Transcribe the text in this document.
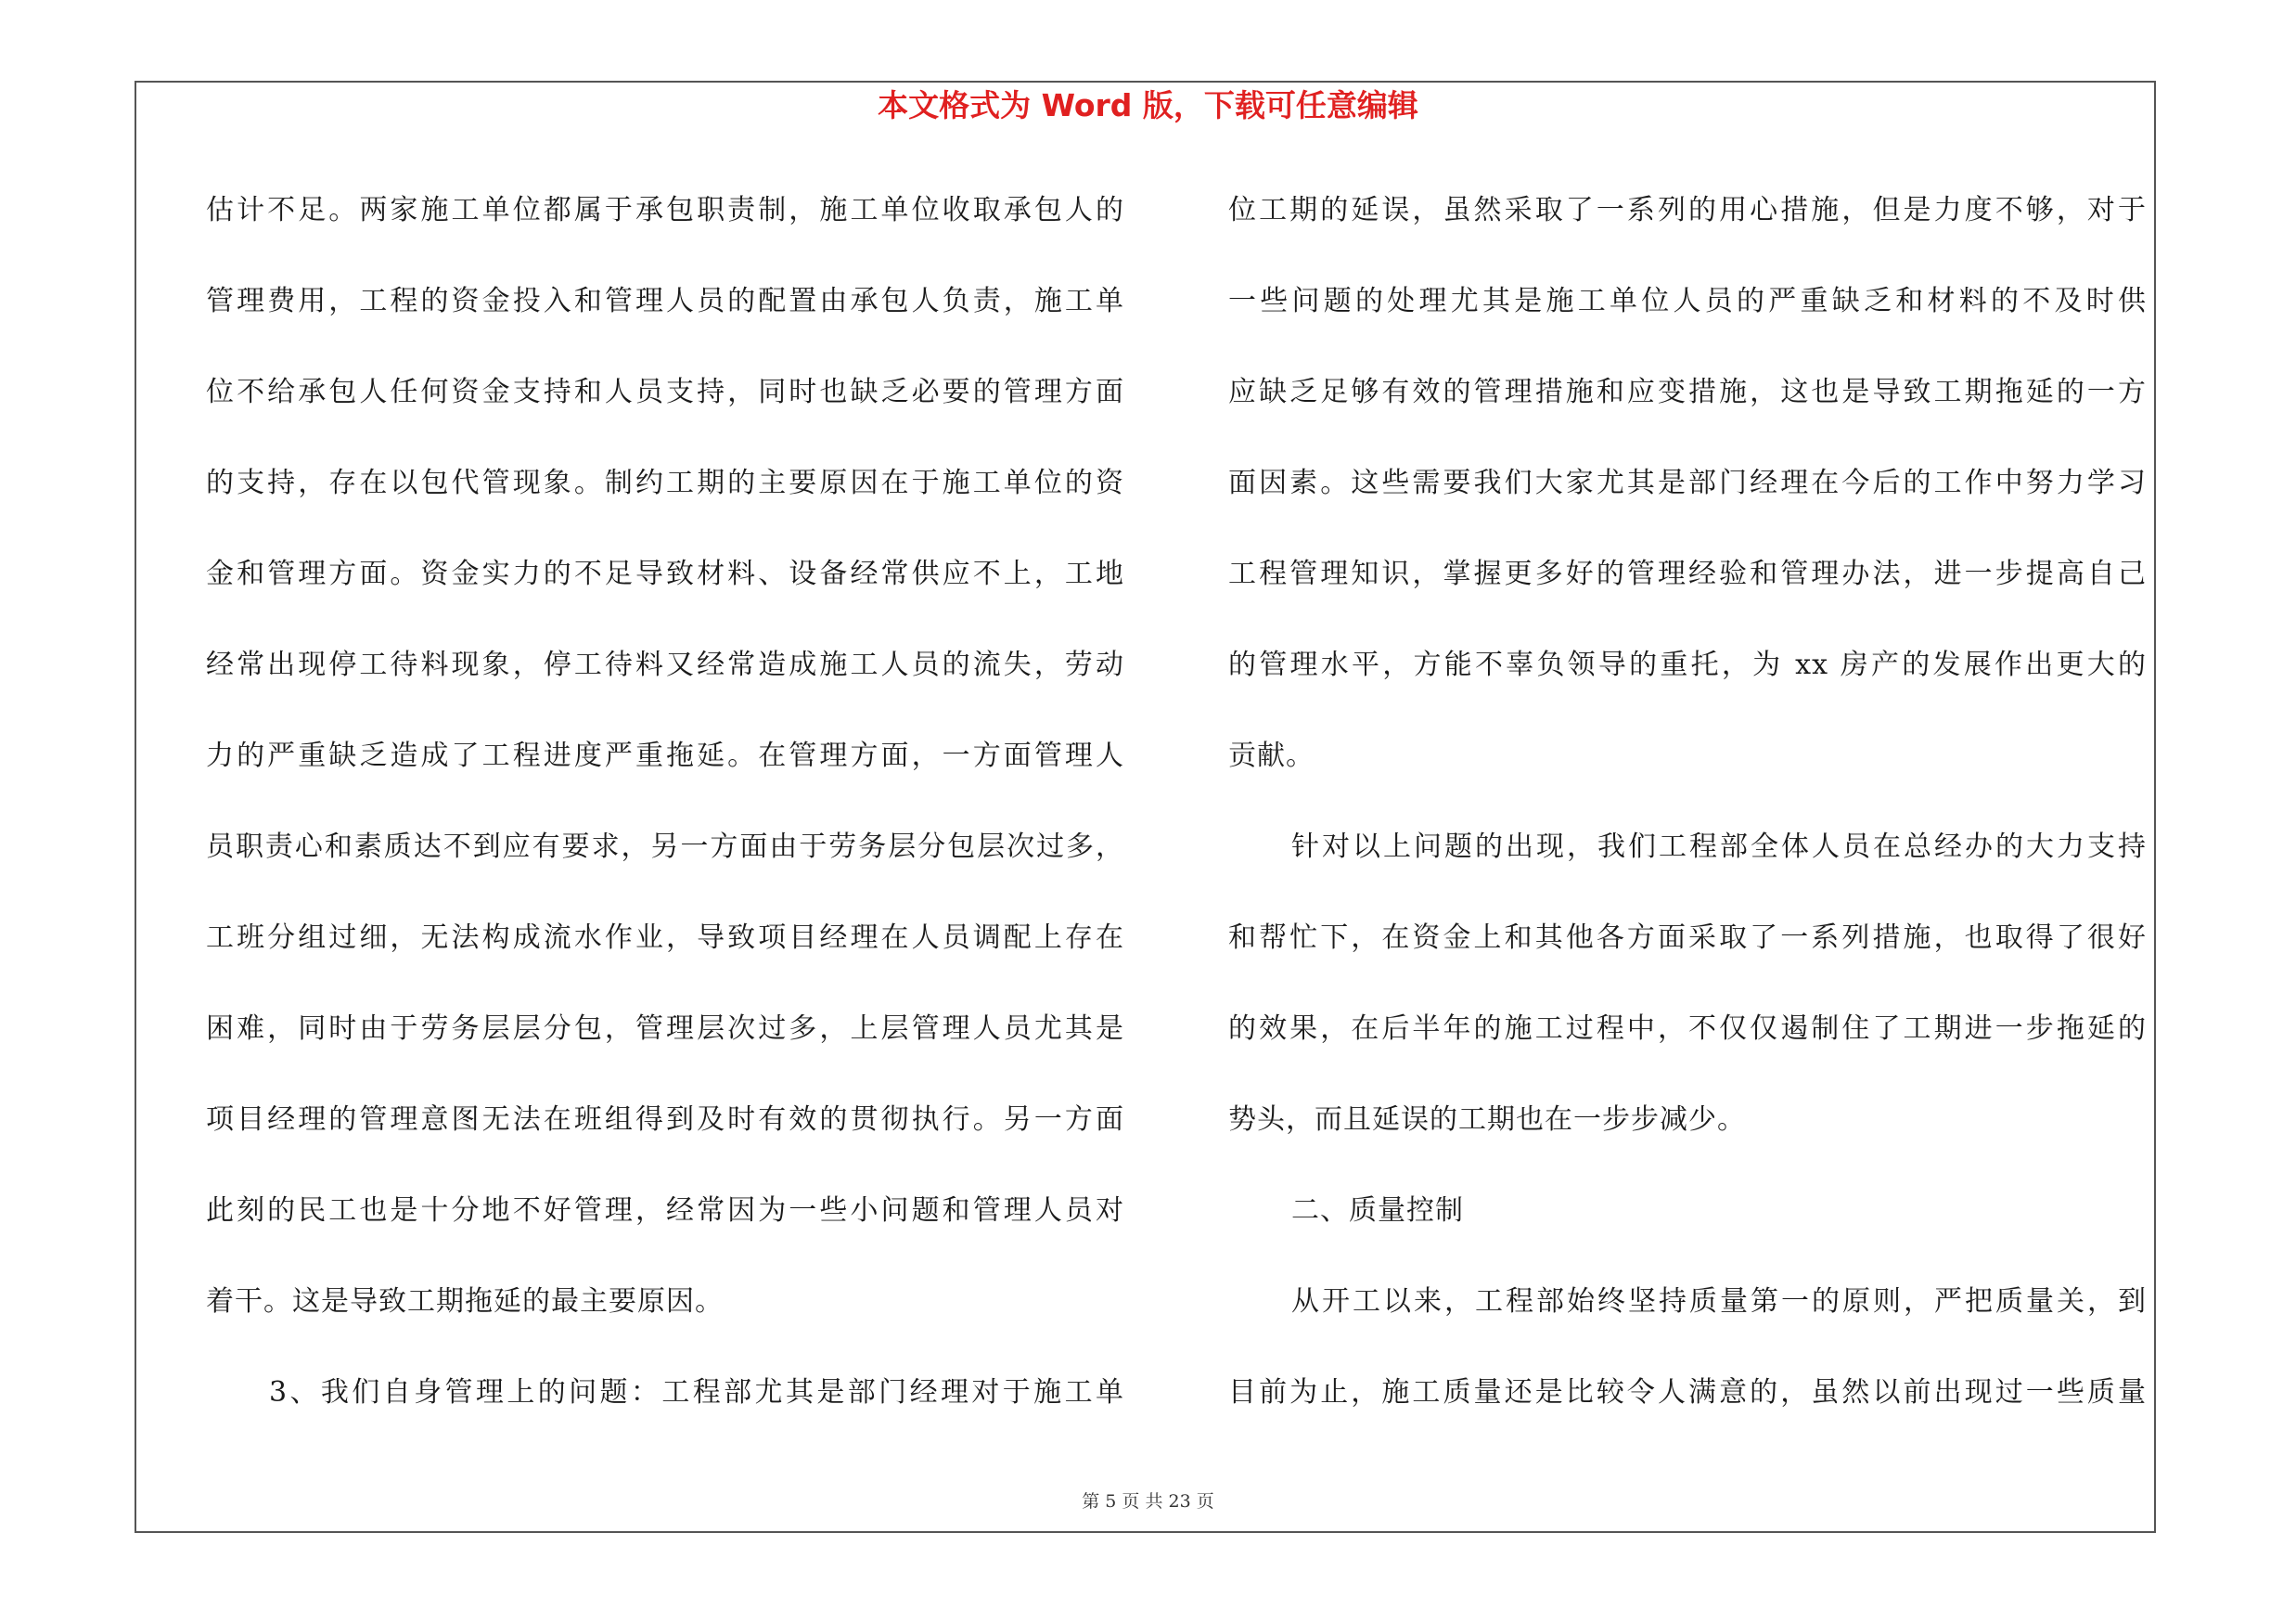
本文格式为 Word 版，下载可任意编辑
估计不足。两家施工单位都属于承包职责制，施工单位收取承包人的
管理费用，工程的资金投入和管理人员的配置由承包人负责，施工单
位不给承包人任何资金支持和人员支持，同时也缺乏必要的管理方面
的支持，存在以包代管现象。制约工期的主要原因在于施工单位的资
金和管理方面。资金实力的不足导致材料、设备经常供应不上，工地
经常出现停工待料现象，停工待料又经常造成施工人员的流失，劳动
力的严重缺乏造成了工程进度严重拖延。在管理方面，一方面管理人
员职责心和素质达不到应有要求，另一方面由于劳务层分包层次过多，
工班分组过细，无法构成流水作业，导致项目经理在人员调配上存在
困难，同时由于劳务层层分包，管理层次过多，上层管理人员尤其是
项目经理的管理意图无法在班组得到及时有效的贯彻执行。另一方面
此刻的民工也是十分地不好管理，经常因为一些小问题和管理人员对
着干。这是导致工期拖延的最主要原因。
3、我们自身管理上的问题：工程部尤其是部门经理对于施工单
位工期的延误，虽然采取了一系列的用心措施，但是力度不够，对于
一些问题的处理尤其是施工单位人员的严重缺乏和材料的不及时供
应缺乏足够有效的管理措施和应变措施，这也是导致工期拖延的一方
面因素。这些需要我们大家尤其是部门经理在今后的工作中努力学习
工程管理知识，掌握更多好的管理经验和管理办法，进一步提高自己
的管理水平，方能不辜负领导的重托，为 xx 房产的发展作出更大的
贡献。
针对以上问题的出现，我们工程部全体人员在总经办的大力支持
和帮忙下，在资金上和其他各方面采取了一系列措施，也取得了很好
的效果，在后半年的施工过程中，不仅仅遏制住了工期进一步拖延的
势头，而且延误的工期也在一步步减少。
二、质量控制
从开工以来，工程部始终坚持质量第一的原则，严把质量关，到
目前为止，施工质量还是比较令人满意的，虽然以前出现过一些质量
第 5 页 共 23 页
